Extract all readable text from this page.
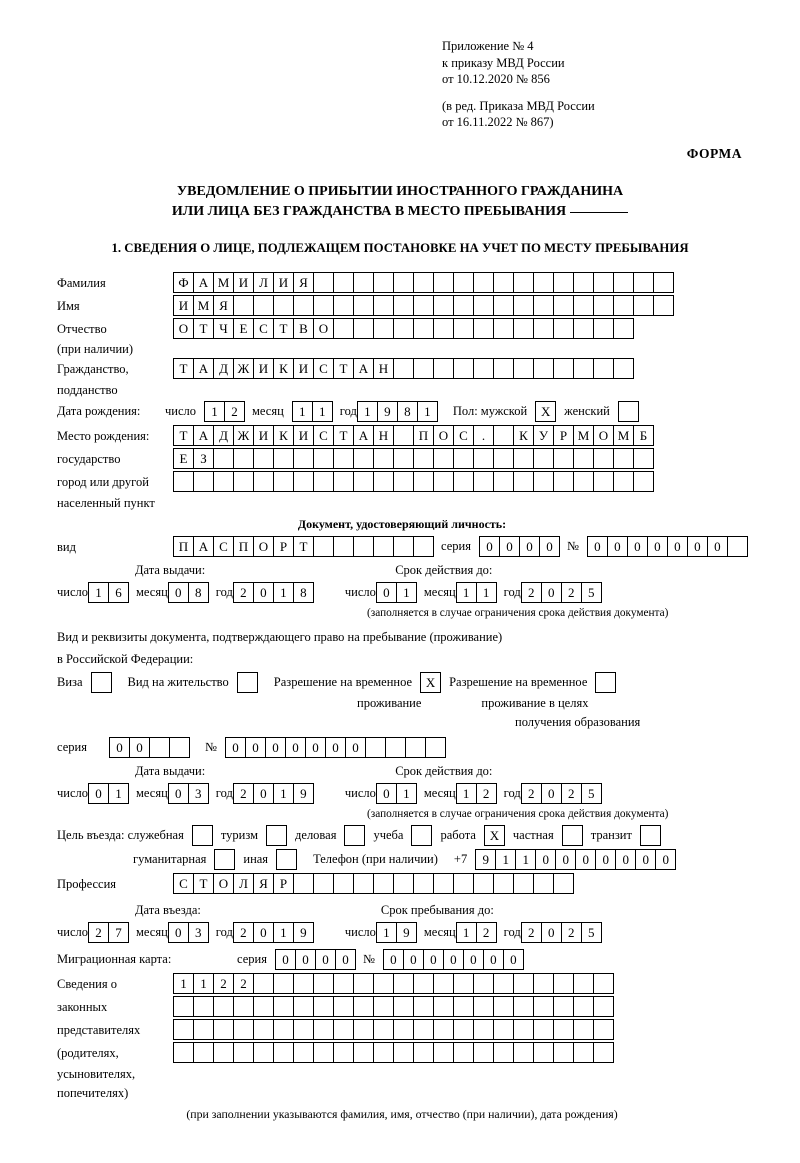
Приложение № 4
к приказу МВД России
от 10.12.2020 № 856
(в ред. Приказа МВД России
от 16.11.2022 № 867)
ФОРМА
УВЕДОМЛЕНИЕ О ПРИБЫТИИ ИНОСТРАННОГО ГРАЖДАНИНА
ИЛИ ЛИЦА БЕЗ ГРАЖДАНСТВА В МЕСТО ПРЕБЫВАНИЯ
1. СВЕДЕНИЯ О ЛИЦЕ, ПОДЛЕЖАЩЕМ ПОСТАНОВКЕ НА УЧЕТ ПО МЕСТУ ПРЕБЫВАНИЯ
Фамилия	Ф А М И Л И Я
Имя	И М Я
Отчество	О Т Ч Е С Т В О
(при наличии)
Гражданство,	Т А Д Ж И К И С Т А Н
подданство
Дата рождения:	число	1	2	месяц	1	1	год 1	9	8	1	Пол: мужской	X	женский
Место рождения:	Т А Д Ж И К И С Т А Н	П О С	.	К У Р М О М Б
государство	Е З
город или другой
населенный пункт
Документ, удостоверяющий личность:
вид	П А С П О Р Т	серия	0	0	0	0	№	0	0	0	0	0	0	0
Дата выдачи:	Срок действия до:
число 1	6	месяц 0	8	год 2	0	1	8	число 0	1	месяц 1	1	год 2	0	2	5
(заполняется в случае ограничения срока действия документа)
Вид и реквизиты документа, подтверждающего право на пребывание (проживание)
в Российской Федерации:
Виза	Вид на жительство	Разрешение на временное	X	Разрешение на временное
проживание	проживание в целях
получения образования
серия	0	0	№	0	0	0	0	0	0	0
Дата выдачи:	Срок действия до:
число 0	1	месяц 0	3	год 2	0	1	9	число 0	1	месяц 1	2	год 2	0	2	5
(заполняется в случае ограничения срока действия документа)
Цель въезда: служебная	туризм	деловая	учеба	работа	X	частная	транзит
гуманитарная	иная	Телефон (при наличии) +7	9	1	1	0	0	0	0	0	0	0
Профессия	С Т О Л Я Р
Дата въезда:	Срок пребывания до:
число 2	7	месяц 0	3	год 2	0	1	9	число 1	9	месяц 1	2	год 2	0	2	5
Миграционная карта:	серия	0	0	0	0	№	0	0	0	0	0	0	0
Сведения о	1	1	2	2
законных
представителях
(родителях,
усыновителях,
попечителях)
(при заполнении указываются фамилия, имя, отчество (при наличии), дата рождения)
